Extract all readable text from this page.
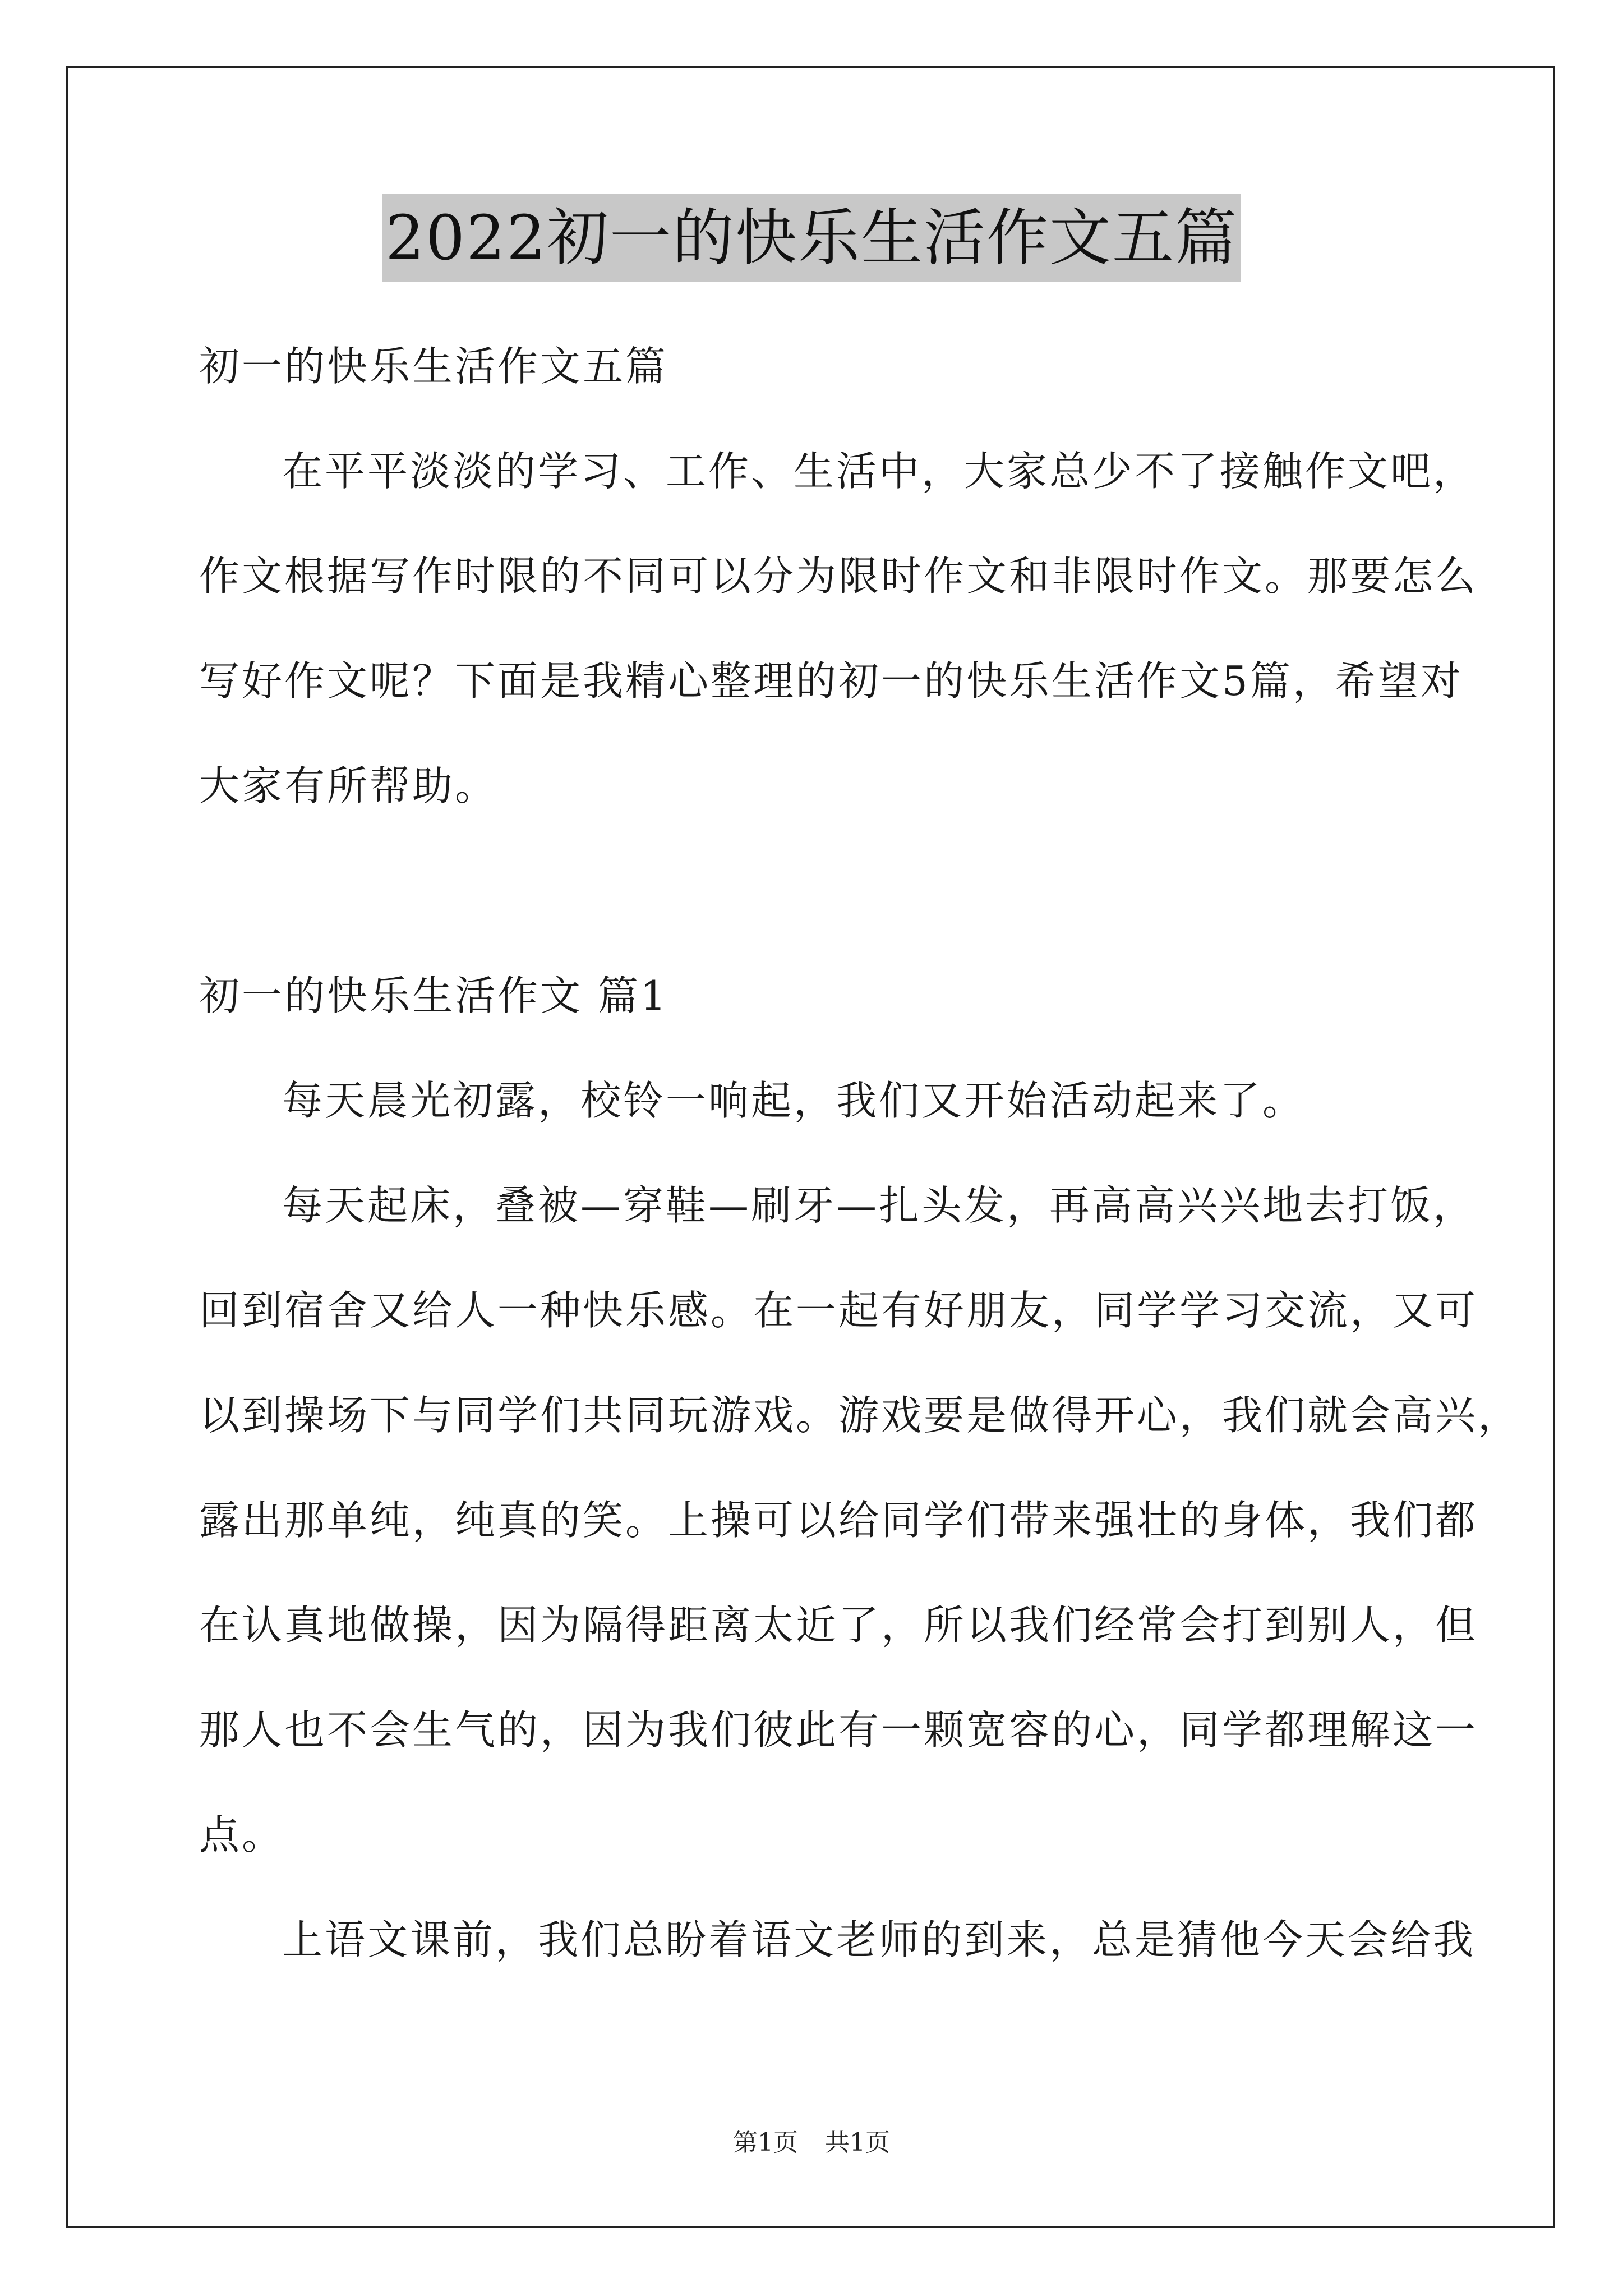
2022初一的快乐生活作文五篇
初一的快乐生活作文五篇
在平平淡淡的学习、工作、生活中，大家总少不了接触作文吧，
作文根据写作时限的不同可以分为限时作文和非限时作文。那要怎么
写好作文呢？下面是我精心整理的初一的快乐生活作文5篇，希望对
大家有所帮助。
初一的快乐生活作文 篇1
每天晨光初露，校铃一响起，我们又开始活动起来了。
每天起床，叠被—穿鞋—刷牙—扎头发，再高高兴兴地去打饭，
回到宿舍又给人一种快乐感。在一起有好朋友，同学学习交流，又可
以到操场下与同学们共同玩游戏。游戏要是做得开心，我们就会高兴，
露出那单纯，纯真的笑。上操可以给同学们带来强壮的身体，我们都
在认真地做操，因为隔得距离太近了，所以我们经常会打到别人，但
那人也不会生气的，因为我们彼此有一颗宽容的心，同学都理解这一
点。
上语文课前，我们总盼着语文老师的到来，总是猜他今天会给我
第1页 共1页
